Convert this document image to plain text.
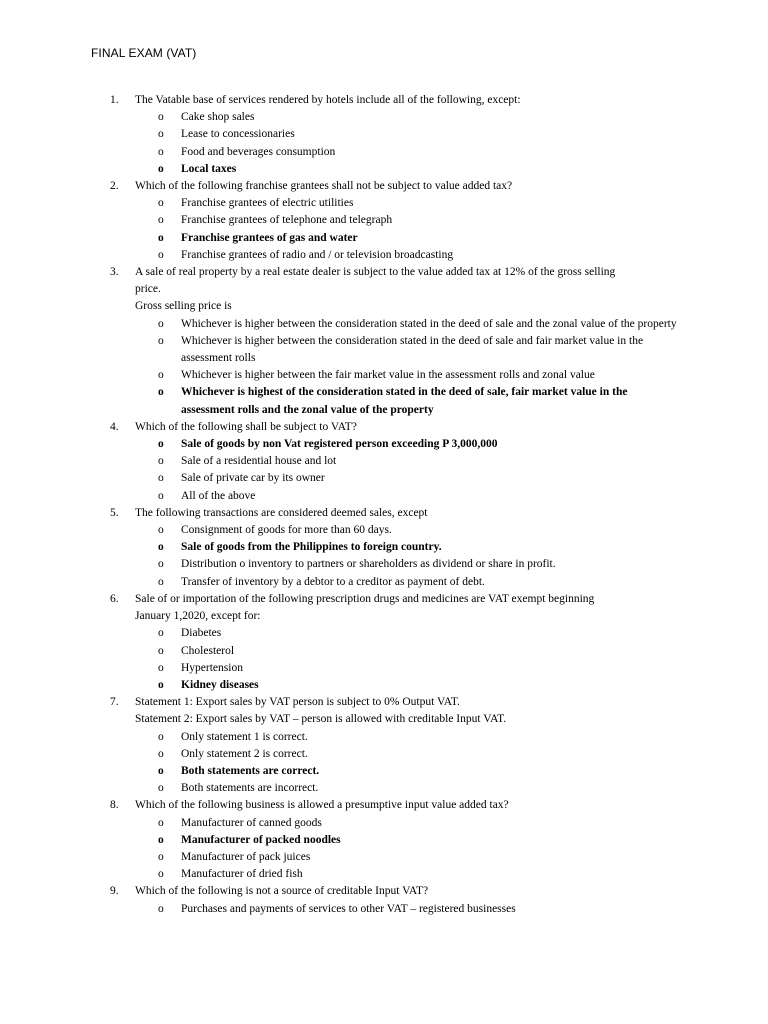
FINAL EXAM (VAT)
1.	The Vatable base of services rendered by hotels include all of the following, except:
o	Cake shop sales
o	Lease to concessionaries
o	Food and beverages consumption
o	Local taxes
2.	Which of the following franchise grantees shall not be subject to value added tax?
o	Franchise grantees of electric utilities
o	Franchise grantees of telephone and telegraph
o	Franchise grantees of gas and water
o	Franchise grantees of radio and / or television broadcasting
3.	A sale of real property by a real estate dealer is subject to the value added tax at 12% of the gross selling
price.
Gross selling price is
o	Whichever is higher between the consideration stated in the deed of sale and the zonal value of the property
o	Whichever is higher between the consideration stated in the deed of sale and fair market value in the assessment rolls
o	Whichever is higher between the fair market value in the assessment rolls and zonal value
o	Whichever is highest of the consideration stated in the deed of sale, fair market value in the assessment rolls and the zonal value of the property
4.	Which of the following shall be subject to VAT?
o	Sale of goods by non Vat registered person exceeding P 3,000,000
o	Sale of a residential house and lot
o	Sale of private car by its owner
o	All of the above
5.	The following transactions are considered deemed sales, except
o	Consignment of goods for more than 60 days.
o	Sale of goods from the Philippines to foreign country.
o	Distribution o inventory to partners or shareholders as dividend or share in profit.
o	Transfer of inventory by a debtor to a creditor as payment of debt.
6.	Sale of or importation of the following prescription drugs and medicines are VAT exempt beginning
January 1,2020, except for:
o	Diabetes
o	Cholesterol
o	Hypertension
o	Kidney diseases
7.	Statement 1: Export sales by VAT person is subject to 0% Output VAT.
Statement 2: Export sales by VAT – person is allowed with creditable Input VAT.
o	Only statement 1 is correct.
o	Only statement 2 is correct.
o	Both statements are correct.
o	Both statements are incorrect.
8.	Which of the following business is allowed a presumptive input value added tax?
o	Manufacturer of canned goods
o	Manufacturer of packed noodles
o	Manufacturer of pack juices
o	Manufacturer of dried fish
9.	Which of the following is not a source of creditable Input VAT?
o	Purchases and payments of services to other VAT – registered businesses
